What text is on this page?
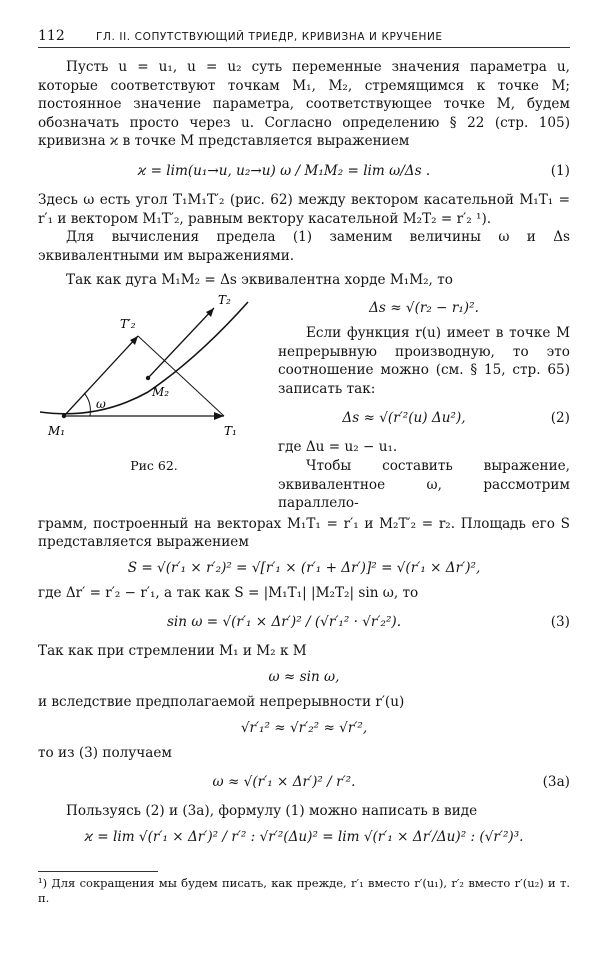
112	ГЛ. II. СОПУТСТВУЮЩИЙ ТРИЕДР, КРИВИЗНА И КРУЧЕНИЕ

Пусть u = u₁, u = u₂ суть переменные значения параметра u, которые соответствуют точкам M₁, M₂, стремящимся к точке M; постоянное значение параметра, соответствующее точке M, будем обозначать просто через u. Согласно определению § 22 (стр. 105) кривизна ϰ в точке M представляется выражением

ϰ = lim(u₁→u, u₂→u) ω / M₁M₂ = lim ω/Δs .	(1)

Здесь ω есть угол T₁M₁T′₂ (рис. 62) между вектором касательной M₁T₁ = r′₁ и вектором M₁T′₂, равным вектору касательной M₂T₂ = r′₂ ¹).

Для вычисления предела (1) заменим величины ω и Δs эквивалентными им выражениями.

Так как дуга M₁M₂ = Δs эквивалентна хорде M₁M₂, то

M₁
M₂
T₁
T′₂
T₂
ω
Рис 62.
Δs ≈ √(r₂ − r₁)².

Если функция r(u) имеет в точке M непрерывную производную, то это соотношение можно (см. § 15, стр. 65) записать так:

Δs ≈ √(r′²(u) Δu²),	(2)

где Δu = u₂ − u₁.

Чтобы составить выражение, эквивалентное ω, рассмотрим параллело-

грамм, построенный на векторах M₁T₁ = r′₁ и M₂T′₂ = r₂. Площадь его S представляется выражением

S = √(r′₁ × r′₂)² = √[r′₁ × (r′₁ + Δr′)]² = √(r′₁ × Δr′)²,

где Δr′ = r′₂ − r′₁, а так как S = |M₁T₁| |M₂T₂| sin ω, то

sin ω = √(r′₁ × Δr′)² / (√r′₁² · √r′₂²).	(3)

Так как при стремлении M₁ и M₂ к M

ω ≈ sin ω,

и вследствие предполагаемой непрерывности r′(u)

√r′₁² ≈ √r′₂² ≈ √r′²,

то из (3) получаем

ω ≈ √(r′₁ × Δr′)² / r′².	(3а)

Пользуясь (2) и (3а), формулу (1) можно написать в виде

ϰ = lim √(r′₁ × Δr′)² / r′² : √r′²(Δu)² = lim √(r′₁ × Δr′/Δu)² : (√r′²)³.

¹) Для сокращения мы будем писать, как прежде, r′₁ вместо r′(u₁), r′₂ вместо r′(u₂) и т. п.
